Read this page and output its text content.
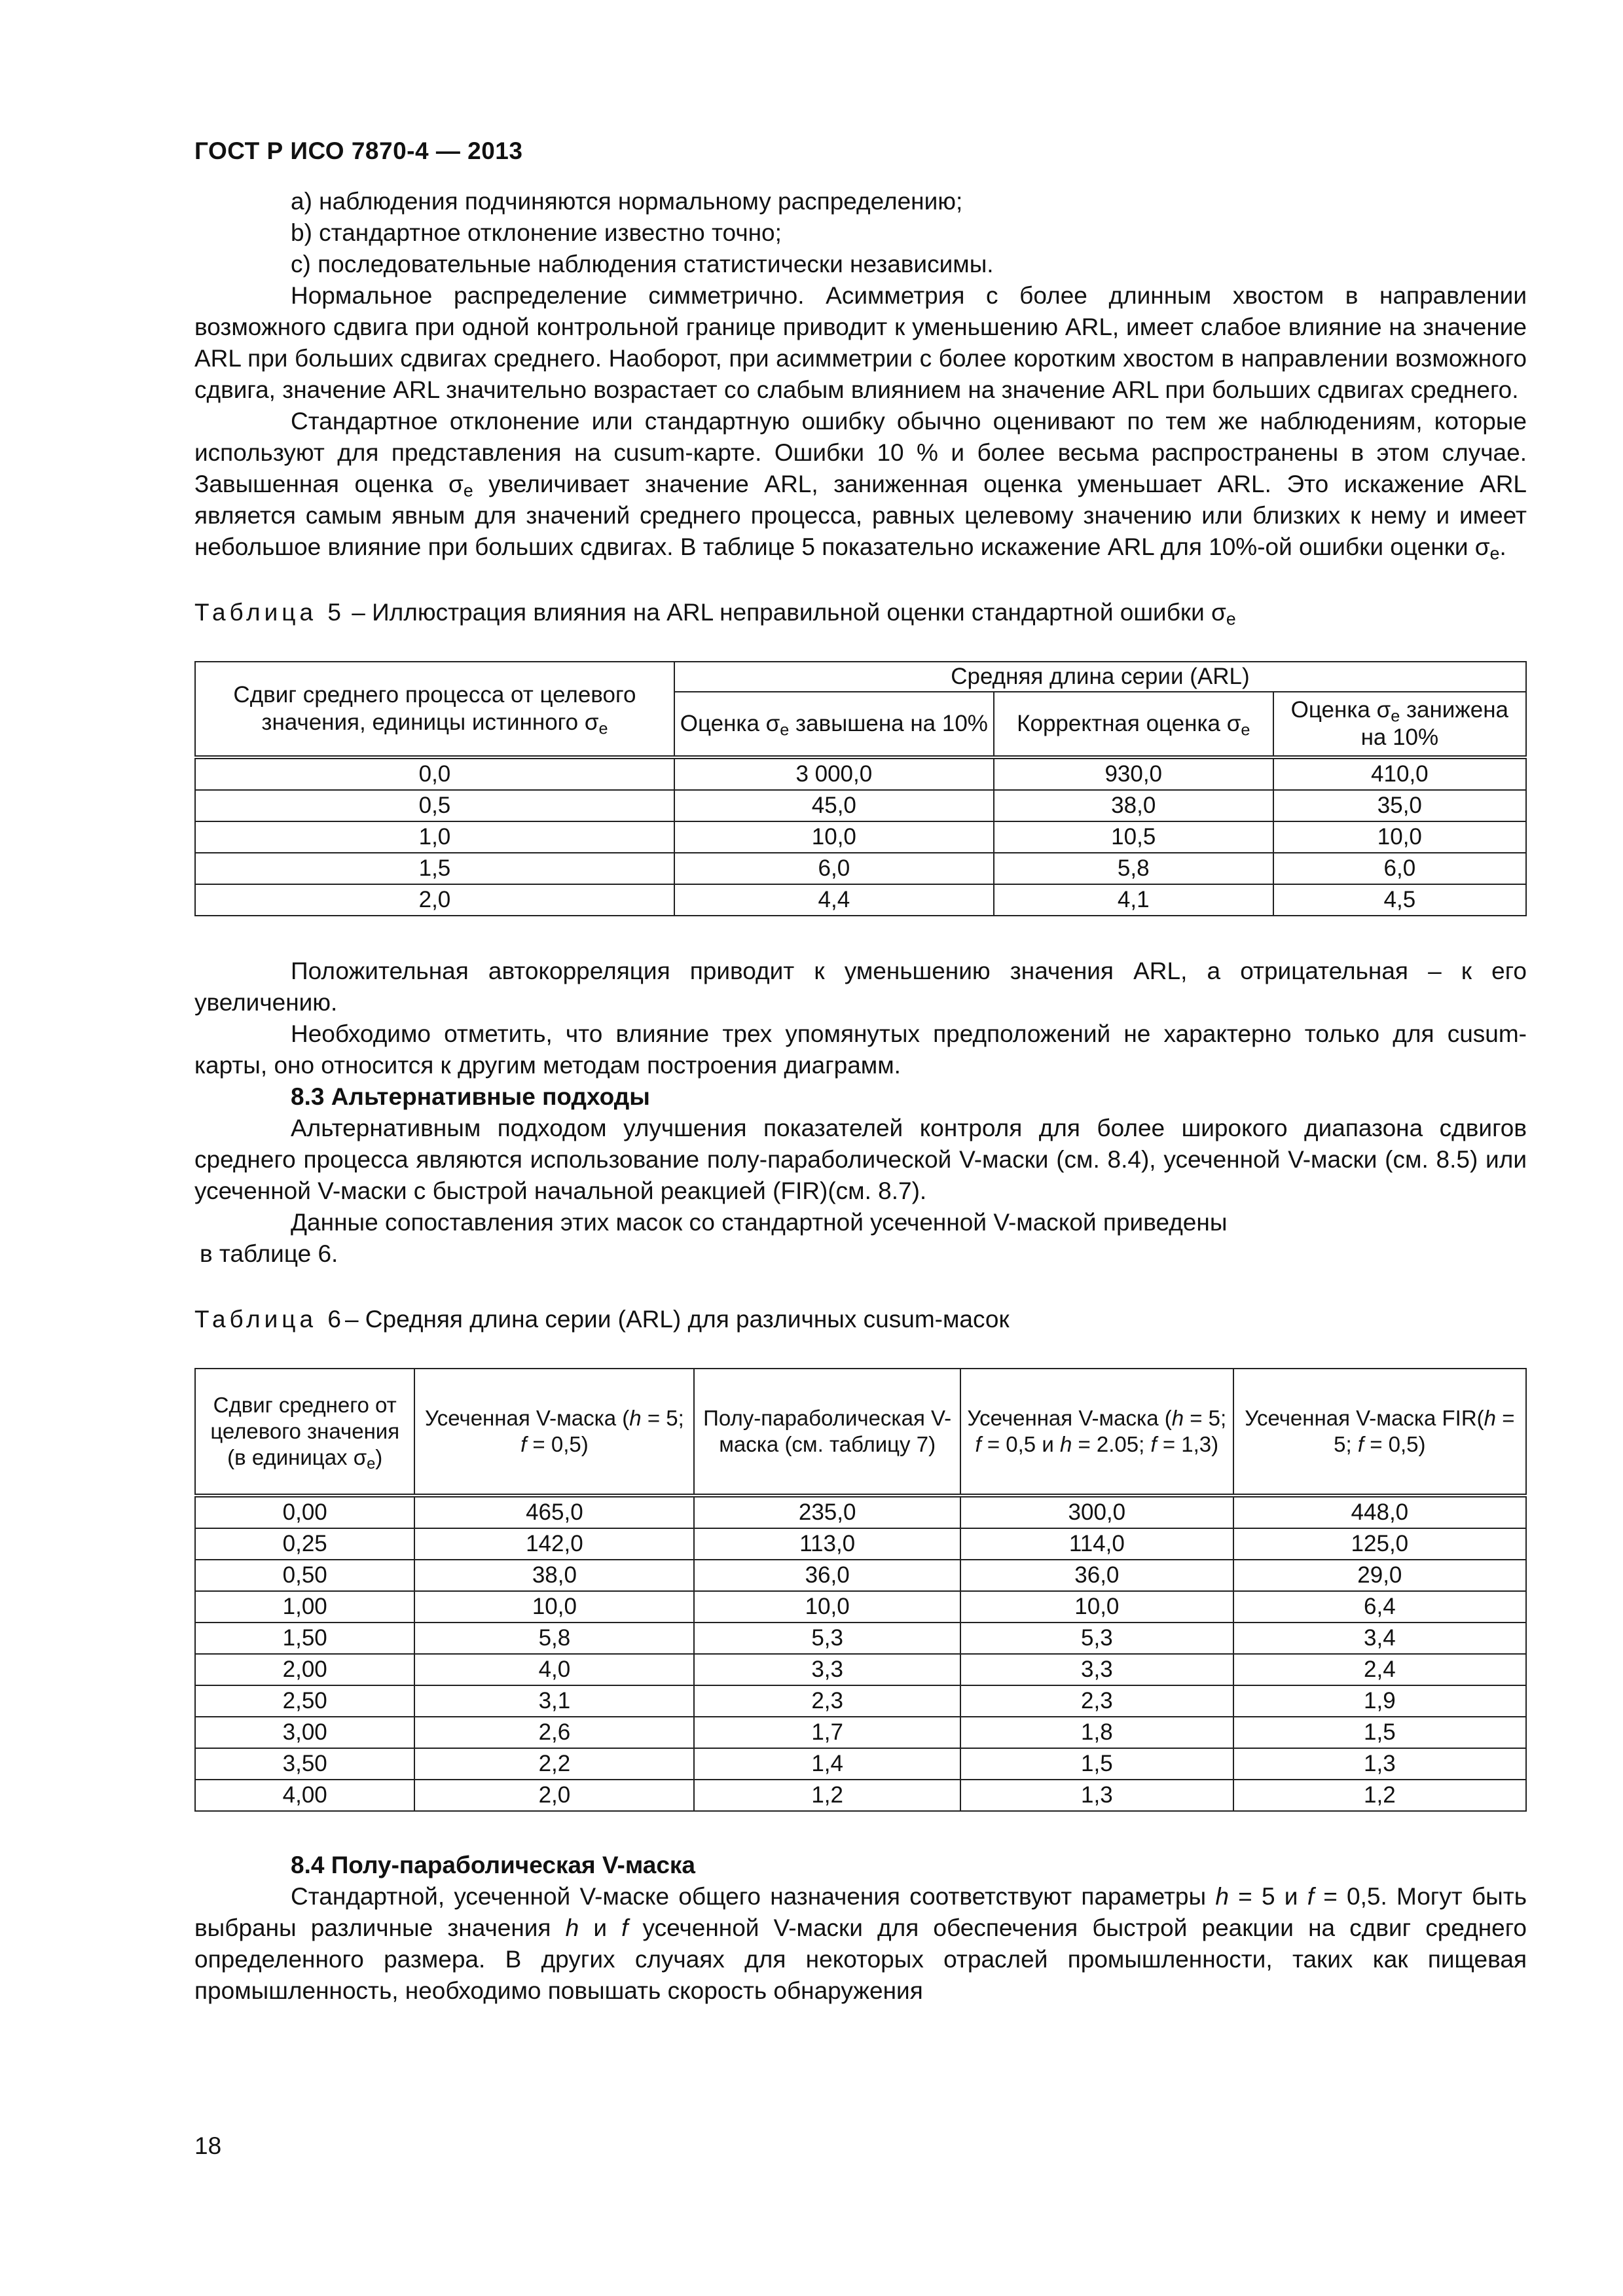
ГОСТ Р ИСО 7870-4 — 2013

a) наблюдения подчиняются нормальному распределению;

b) стандартное отклонение известно точно;

c) последовательные наблюдения статистически независимы.

Нормальное распределение симметрично. Асимметрия с более длинным хвостом в направлении возможного сдвига при одной контрольной границе приводит к уменьшению ARL, имеет слабое влияние на значение ARL при больших сдвигах среднего. Наоборот, при асимметрии с более коротким хвостом в направлении возможного сдвига, значение ARL значительно возрастает со слабым влиянием на значение ARL при больших сдвигах среднего.

Стандартное отклонение или стандартную ошибку обычно оценивают по тем же наблюдениям, которые используют для представления на cusum-карте. Ошибки 10 % и более весьма распространены в этом случае. Завышенная оценка $\sigma_e$ увеличивает значение ARL, заниженная оценка уменьшает ARL. Это искажение ARL является самым явным для значений среднего процесса, равных целевому значению или близких к нему и имеет небольшое влияние при больших сдвигах. В таблице 5 показательно искажение ARL для 10%-ой ошибки оценки $\sigma_e$.

Таблица 5 – Иллюстрация влияния на ARL неправильной оценки стандартной ошибки $\sigma_e$
Сдвиг среднего процесса от целевого значения, единицы истинного $\sigma_e$	Средняя длина серии (ARL)		
	Оценка $\sigma_e$ завышена на 10%	Корректная оценка $\sigma_e$	Оценка $\sigma_e$ занижена на 10%
0,0	3 000,0	930,0	410,0
0,5	45,0	38,0	35,0
1,0	10,0	10,5	10,0
1,5	6,0	5,8	6,0
2,0	4,4	4,1	4,5

Положительная автокорреляция приводит к уменьшению значения ARL, а отрицательная – к его увеличению.

Необходимо отметить, что влияние трех упомянутых предположений не характерно только для cusum-карты, оно относится к другим методам построения диаграмм.

8.3 Альтернативные подходы

Альтернативным подходом улучшения показателей контроля для более широкого диапазона сдвигов среднего процесса являются использование полу-параболической V-маски (см. 8.4), усеченной V-маски (см. 8.5) или усеченной V-маски с быстрой начальной реакцией (FIR)(см. 8.7).

Данные сопоставления этих масок со стандартной усеченной V-маской приведены

в таблице 6.

Таблица 6– Средняя длина серии (ARL) для различных cusum-масок
Сдвиг среднего от целевого значения (в единицах $\sigma_e$)	Усеченная V-маска (h = 5; f = 0,5)	Полу-параболическая V-маска (см. таблицу 7)	Усеченная V-маска (h = 5; f = 0,5 и h = 2.05; f = 1,3)	Усеченная V-маска FIR(h = 5; f = 0,5)
0,00	465,0	235,0	300,0	448,0
0,25	142,0	113,0	114,0	125,0
0,50	38,0	36,0	36,0	29,0
1,00	10,0	10,0	10,0	6,4
1,50	5,8	5,3	5,3	3,4
2,00	4,0	3,3	3,3	2,4
2,50	3,1	2,3	2,3	1,9
3,00	2,6	1,7	1,8	1,5
3,50	2,2	1,4	1,5	1,3
4,00	2,0	1,2	1,3	1,2
8.4 Полу-параболическая V-маска

Стандартной, усеченной V-маске общего назначения соответствуют параметры h = 5 и f = 0,5. Могут быть выбраны различные значения h и f усеченной V-маски для обеспечения быстрой реакции на сдвиг среднего определенного размера. В других случаях для некоторых отраслей промышленности, таких как пищевая промышленность, необходимо повышать скорость обнаружения

18
